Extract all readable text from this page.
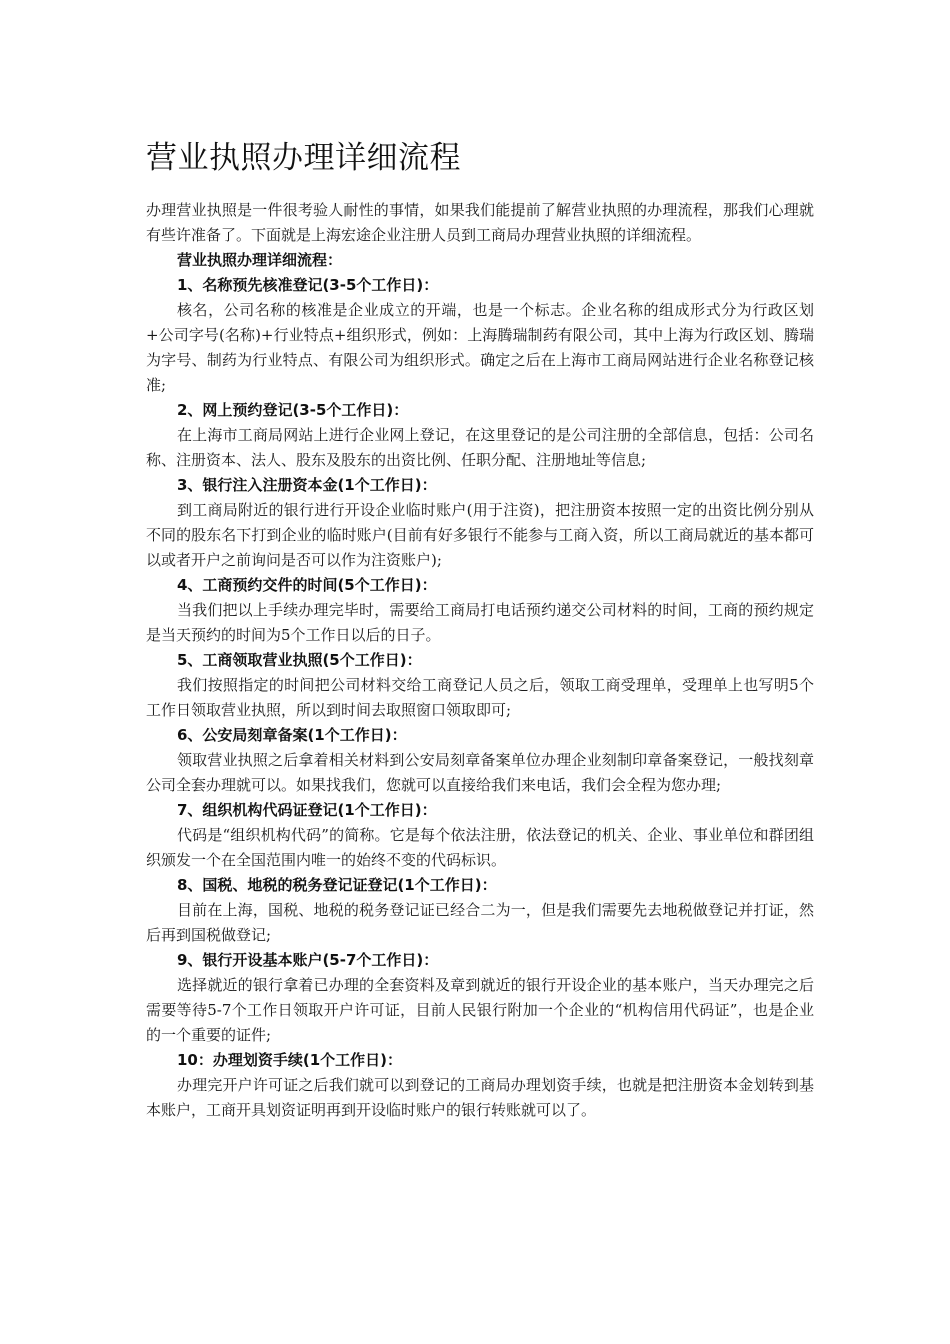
营业执照办理详细流程

办理营业执照是一件很考验人耐性的事情，如果我们能提前了解营业执照的办理流程，那我们心理就有些许准备了。下面就是上海宏途企业注册人员到工商局办理营业执照的详细流程。

营业执照办理详细流程：

1、名称预先核准登记(3-5个工作日)：

核名，公司名称的核准是企业成立的开端，也是一个标志。企业名称的组成形式分为行政区划+公司字号(名称)+行业特点+组织形式，例如：上海腾瑞制药有限公司，其中上海为行政区划、腾瑞为字号、制药为行业特点、有限公司为组织形式。确定之后在上海市工商局网站进行企业名称登记核准;

2、网上预约登记(3-5个工作日)：

在上海市工商局网站上进行企业网上登记，在这里登记的是公司注册的全部信息，包括：公司名称、注册资本、法人、股东及股东的出资比例、任职分配、注册地址等信息;

3、银行注入注册资本金(1个工作日)：

到工商局附近的银行进行开设企业临时账户(用于注资)，把注册资本按照一定的出资比例分别从不同的股东名下打到企业的临时账户(目前有好多银行不能参与工商入资，所以工商局就近的基本都可以或者开户之前询问是否可以作为注资账户);

4、工商预约交件的时间(5个工作日)：

当我们把以上手续办理完毕时，需要给工商局打电话预约递交公司材料的时间，工商的预约规定是当天预约的时间为5个工作日以后的日子。

5、工商领取营业执照(5个工作日)：

我们按照指定的时间把公司材料交给工商登记人员之后，领取工商受理单，受理单上也写明5个工作日领取营业执照，所以到时间去取照窗口领取即可;

6、公安局刻章备案(1个工作日)：

领取营业执照之后拿着相关材料到公安局刻章备案单位办理企业刻制印章备案登记，一般找刻章公司全套办理就可以。如果找我们，您就可以直接给我们来电话，我们会全程为您办理;

7、组织机构代码证登记(1个工作日)：

代码是“组织机构代码”的简称。它是每个依法注册，依法登记的机关、企业、事业单位和群团组织颁发一个在全国范围内唯一的始终不变的代码标识。

8、国税、地税的税务登记证登记(1个工作日)：

目前在上海，国税、地税的税务登记证已经合二为一，但是我们需要先去地税做登记并打证，然后再到国税做登记;

9、银行开设基本账户(5-7个工作日)：

选择就近的银行拿着已办理的全套资料及章到就近的银行开设企业的基本账户，当天办理完之后需要等待5-7个工作日领取开户许可证，目前人民银行附加一个企业的“机构信用代码证”，也是企业的一个重要的证件;

10：办理划资手续(1个工作日)：

办理完开户许可证之后我们就可以到登记的工商局办理划资手续，也就是把注册资本金划转到基本账户，工商开具划资证明再到开设临时账户的银行转账就可以了。
